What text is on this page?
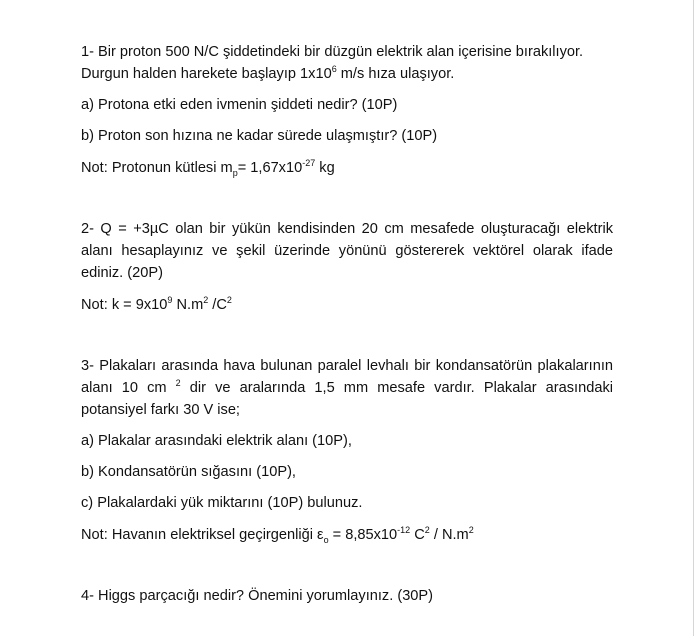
1- Bir proton 500 N/C şiddetindeki bir düzgün elektrik alan içerisine bırakılıyor.

Durgun halden harekete başlayıp $1x10^6$ m/s hıza ulaşıyor.

a) Protona etki eden ivmenin şiddeti nedir? (10P)

b) Proton son hızına ne kadar sürede ulaşmıştır? (10P)

Not: Protonun kütlesi $m_p= 1,67x10^{-27}$ kg

2- Q = +3µC olan bir yükün kendisinden 20 cm mesafede oluşturacağı elektrik alanı hesaplayınız ve şekil üzerinde yönünü göstererek vektörel olarak ifade ediniz. (20P)

Not: $k = 9x10^9$ $N.m^2$ $/C^2$

3- Plakaları arasında hava bulunan paralel levhalı bir kondansatörün plakalarının alanı 10 cm $^2$ dir ve aralarında 1,5 mm mesafe vardır. Plakalar arasındaki potansiyel farkı 30 V ise;

a) Plakalar arasındaki elektrik alanı (10P),

b) Kondansatörün sığasını (10P),

c) Plakalardaki yük miktarını (10P) bulunuz.

Not: Havanın elektriksel geçirgenliği $\varepsilon_o = 8,85x10^{-12}$ $C^2 / N.m^2$

4- Higgs parçacığı nedir? Önemini yorumlayınız. (30P)
